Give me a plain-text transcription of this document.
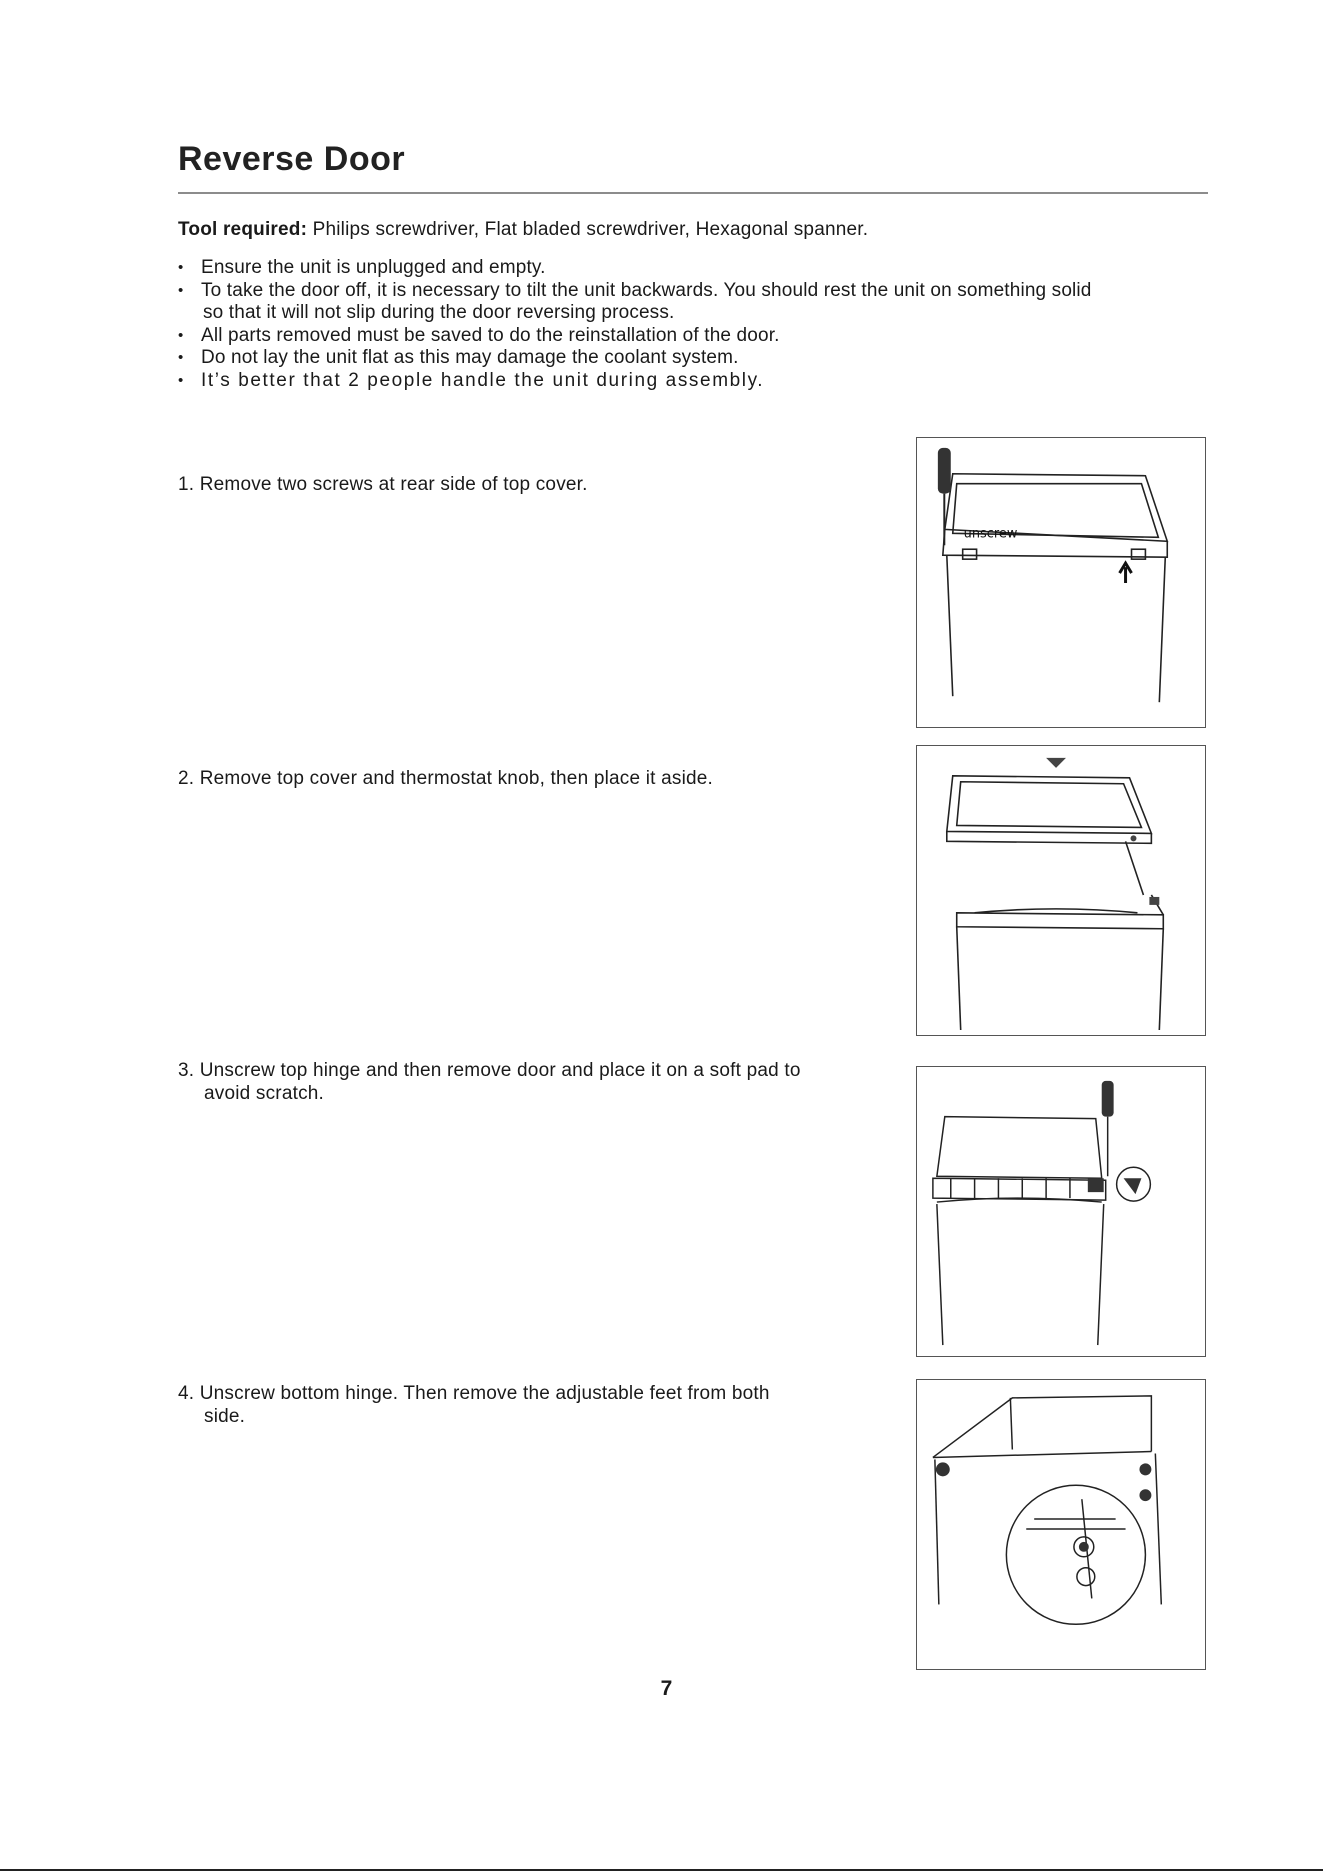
Reverse Door

Tool required: Philips screwdriver, Flat bladed screwdriver, Hexagonal spanner.

• Ensure the unit is unplugged and empty.
• To take the door off, it is necessary to tilt the unit backwards. You should rest the unit on something solid
so that it will not slip during the door reversing process.
• All parts removed must be saved to do the reinstallation of the door.
• Do not lay the unit flat as this may damage the coolant system.
• It’s better that 2 people handle the unit during assembly.

1. Remove two screws at rear side of top cover.

unscrew

2. Remove top cover and thermostat knob, then place it aside.

3. Unscrew top hinge and then remove door and place it on a soft pad to
avoid scratch.

4. Unscrew bottom hinge. Then remove the adjustable feet from both
side.

7
